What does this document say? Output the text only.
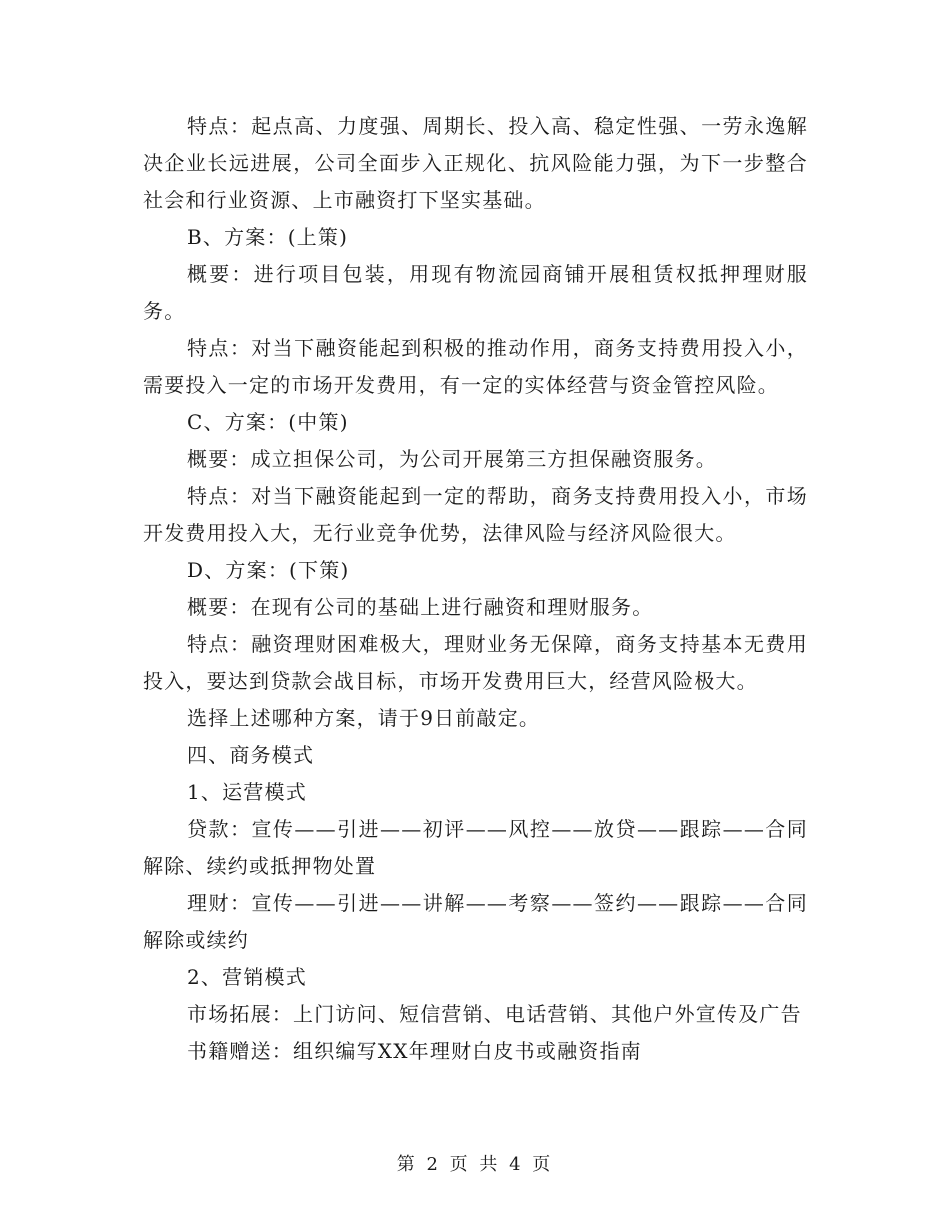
特点：起点高、力度强、周期长、投入高、稳定性强、一劳永逸解决企业长远进展，公司全面步入正规化、抗风险能力强，为下一步整合社会和行业资源、上市融资打下坚实基础。

B、方案：(上策)

概要：进行项目包装，用现有物流园商铺开展租赁权抵押理财服务。

特点：对当下融资能起到积极的推动作用，商务支持费用投入小，需要投入一定的市场开发费用，有一定的实体经营与资金管控风险。

C、方案：(中策)

概要：成立担保公司，为公司开展第三方担保融资服务。

特点：对当下融资能起到一定的帮助，商务支持费用投入小，市场开发费用投入大，无行业竞争优势，法律风险与经济风险很大。

D、方案：(下策)

概要：在现有公司的基础上进行融资和理财服务。

特点：融资理财困难极大，理财业务无保障，商务支持基本无费用投入，要达到贷款会战目标，市场开发费用巨大，经营风险极大。

选择上述哪种方案，请于9日前敲定。

四、商务模式

1、运营模式

贷款：宣传——引进——初评——风控——放贷——跟踪——合同解除、续约或抵押物处置

理财：宣传——引进——讲解——考察——签约——跟踪——合同解除或续约

2、营销模式

市场拓展：上门访问、短信营销、电话营销、其他户外宣传及广告

书籍赠送：组织编写XX年理财白皮书或融资指南

第 2 页 共 4 页
